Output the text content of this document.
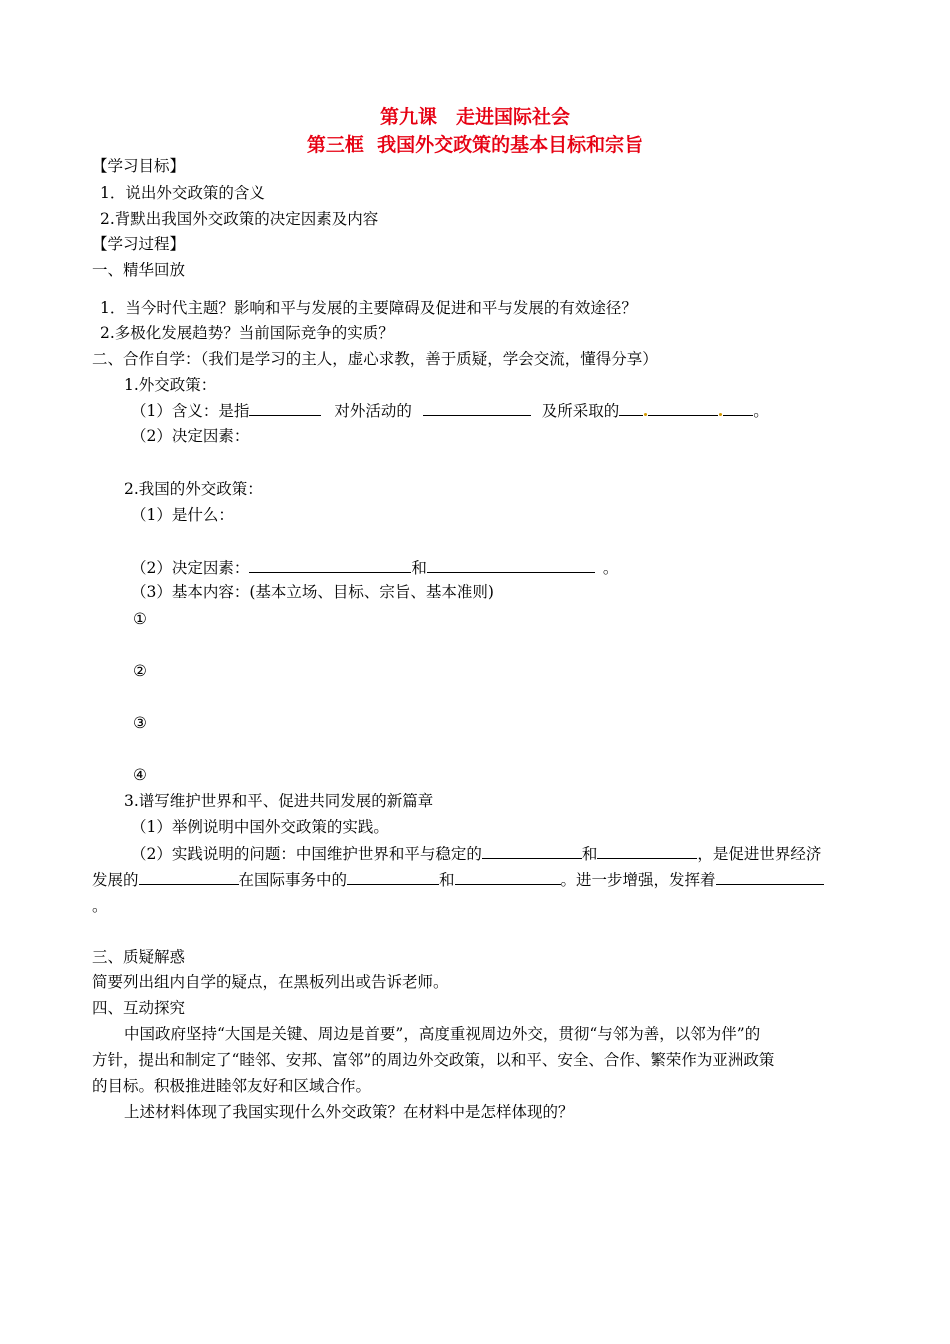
第九课　走进国际社会
第三框  我国外交政策的基本目标和宗旨
【学习目标】
1．说出外交政策的含义
2.背默出我国外交政策的决定因素及内容
【学习过程】
一、精华回放
1．当今时代主题？影响和平与发展的主要障碍及促进和平与发展的有效途径？
2.多极化发展趋势？当前国际竞争的实质？
二、合作自学：（我们是学习的主人，虚心求教，善于质疑，学会交流，懂得分享）
1.外交政策：
（1）含义：是指	对外活动的	及所采取的	。
（2）决定因素：
2.我国的外交政策：
（1）是什么：
（2）决定因素：	和	。
（3）基本内容：(基本立场、目标、宗旨、基本准则)
①
②
③
④
3.谱写维护世界和平、促进共同发展的新篇章
（1）举例说明中国外交政策的实践。
（2）实践说明的问题：中国维护世界和平与稳定的	和	，是促进世界经济
发展的	在国际事务中的	和	。进一步增强，发挥着
。
三、质疑解惑
简要列出组内自学的疑点，在黑板列出或告诉老师。
四、互动探究
中国政府坚持“大国是关键、周边是首要”，高度重视周边外交，贯彻“与邻为善，以邻为伴”的
方针，提出和制定了“睦邻、安邦、富邻”的周边外交政策，以和平、安全、合作、繁荣作为亚洲政策
的目标。积极推进睦邻友好和区域合作。
上述材料体现了我国实现什么外交政策？在材料中是怎样体现的？
